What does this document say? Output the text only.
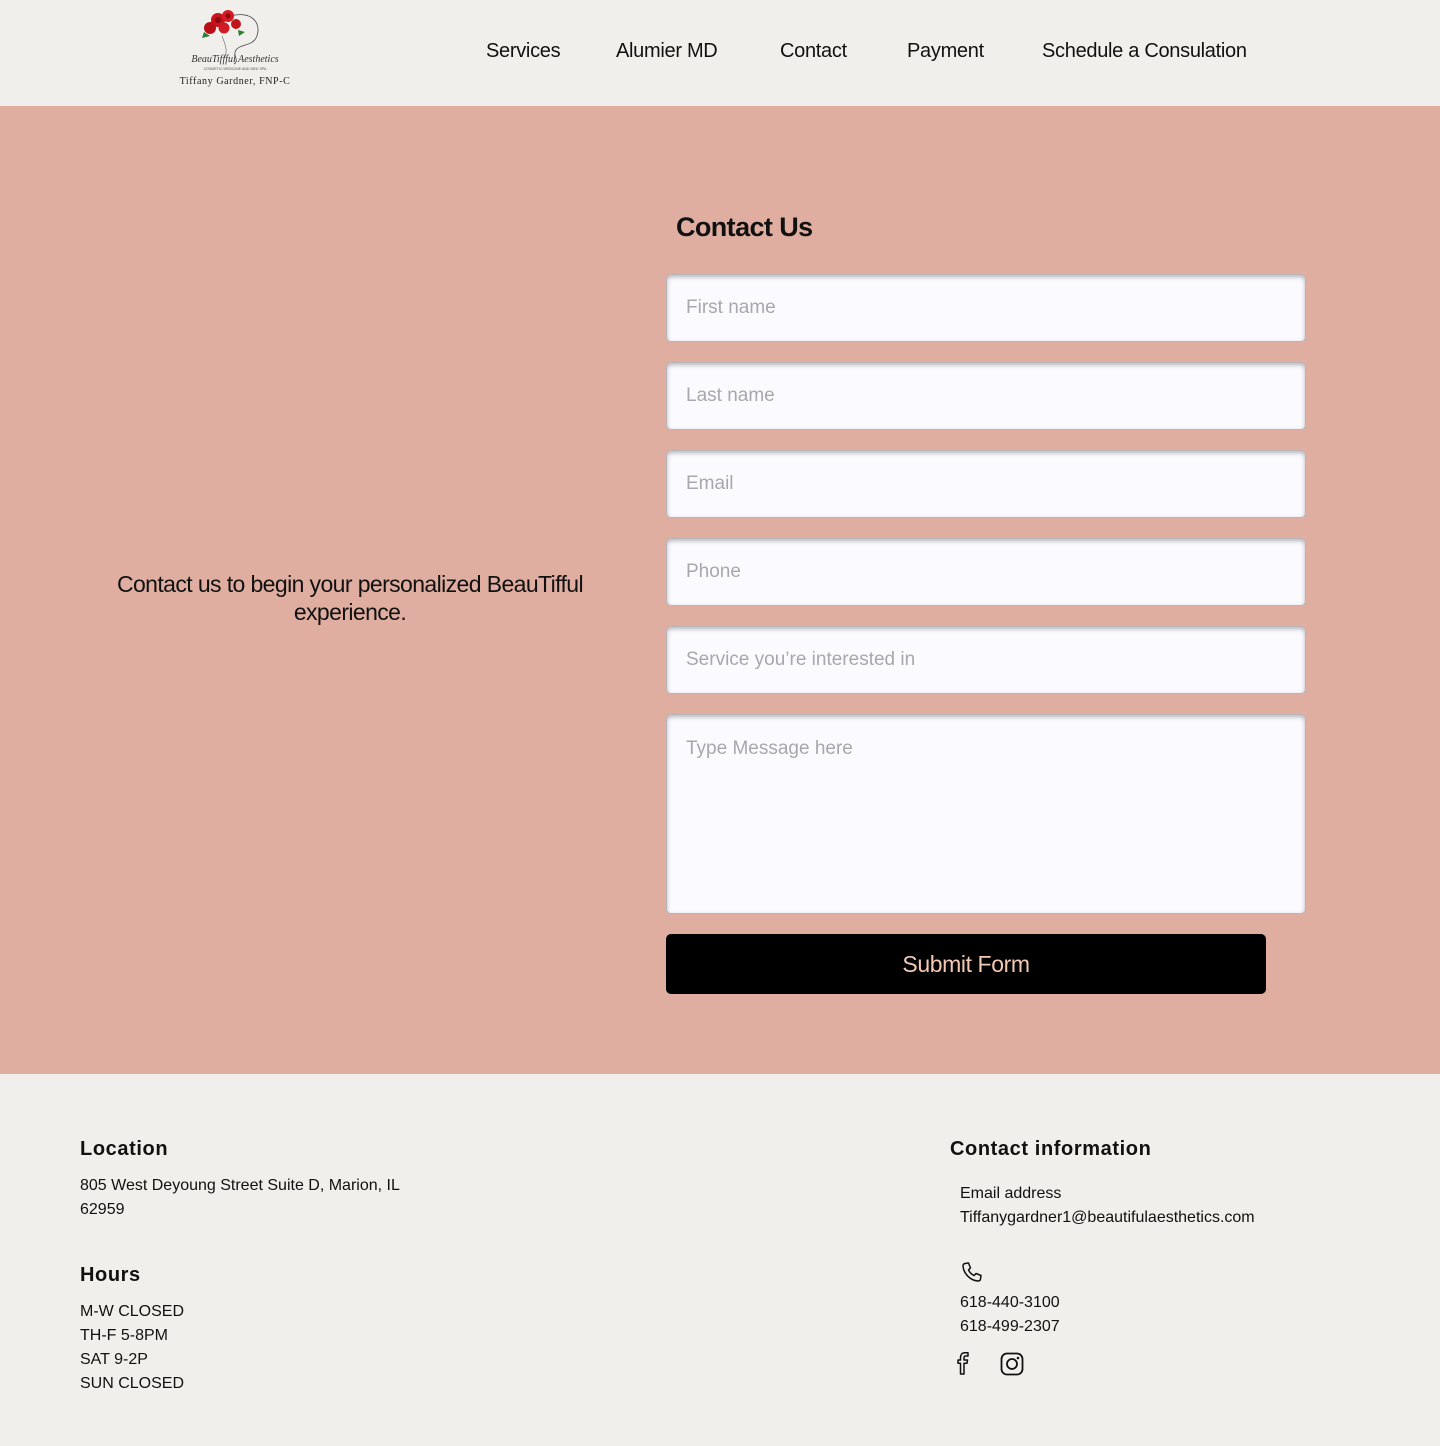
BeauTiffful Aesthetics
COSMETIC MEDICINE AND MED SPA
Tiffany Gardner, FNP-C
Services	Alumier MD	Contact	Payment	Schedule a Consulation

Contact us to begin your personalized BeauTifful experience.

Contact Us
First name
Last name
Email
Phone
Service you’re interested in
Type Message here
Submit Form
Location
805 West Deyoung Street Suite D, Marion, IL
62959
Hours
M-W CLOSED
TH-F 5-8PM
SAT 9-2P
SUN CLOSED
Contact information
Email address
Tiffanygardner1@beautifulaesthetics.com
618-440-3100
618-499-2307
